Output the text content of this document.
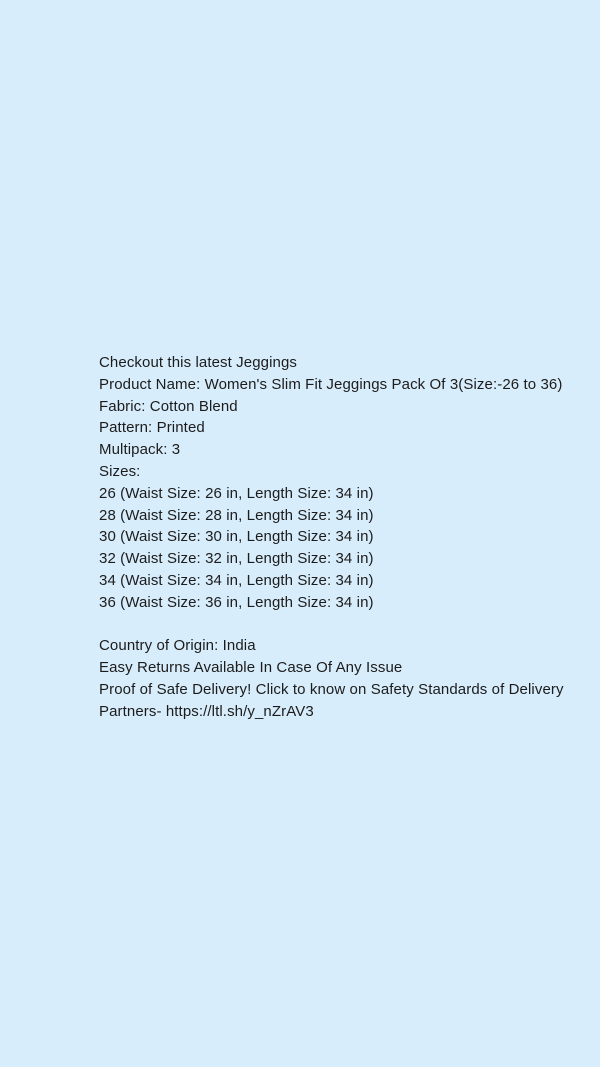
Checkout this latest Jeggings
Product Name: Women's Slim Fit Jeggings Pack Of 3(Size:-26 to 36)
Fabric: Cotton Blend
Pattern: Printed
Multipack: 3
Sizes:
26 (Waist Size: 26 in, Length Size: 34 in)
28 (Waist Size: 28 in, Length Size: 34 in)
30 (Waist Size: 30 in, Length Size: 34 in)
32 (Waist Size: 32 in, Length Size: 34 in)
34 (Waist Size: 34 in, Length Size: 34 in)
36 (Waist Size: 36 in, Length Size: 34 in)
Country of Origin: India
Easy Returns Available In Case Of Any Issue
Proof of Safe Delivery! Click to know on Safety Standards of Delivery Partners- https://ltl.sh/y_nZrAV3
